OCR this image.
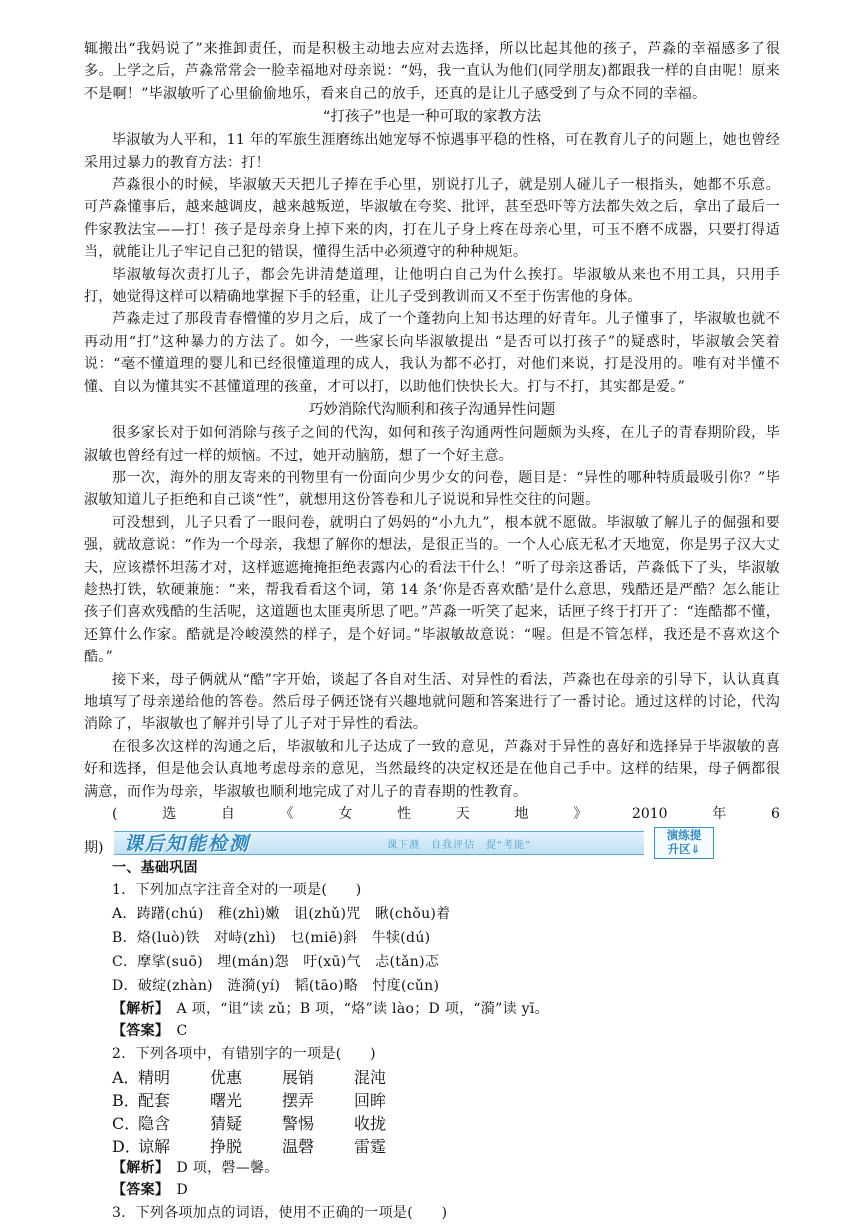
辄搬出“我妈说了”来推卸责任，而是积极主动地去应对去选择，所以比起其他的孩子，芦淼的幸福感多了很多。上学之后，芦淼常常会一脸幸福地对母亲说：“妈，我一直认为他们(同学朋友)都跟我一样的自由呢！原来不是啊！”毕淑敏听了心里偷偷地乐，看来自己的放手，还真的是让儿子感受到了与众不同的幸福。

“打孩子”也是一种可取的家教方法

毕淑敏为人平和，11 年的军旅生涯磨练出她宠辱不惊遇事平稳的性格，可在教育儿子的问题上，她也曾经采用过暴力的教育方法：打！

芦淼很小的时候，毕淑敏天天把儿子捧在手心里，别说打儿子，就是别人碰儿子一根指头，她都不乐意。可芦淼懂事后，越来越调皮，越来越叛逆，毕淑敏在夸奖、批评，甚至恐吓等方法都失效之后，拿出了最后一件家教法宝——打！孩子是母亲身上掉下来的肉，打在儿子身上疼在母亲心里，可玉不磨不成器，只要打得适当，就能让儿子牢记自己犯的错误，懂得生活中必须遵守的种种规矩。

毕淑敏每次责打儿子，都会先讲清楚道理，让他明白自己为什么挨打。毕淑敏从来也不用工具，只用手打，她觉得这样可以精确地掌握下手的轻重，让儿子受到教训而又不至于伤害他的身体。

芦淼走过了那段青春懵懂的岁月之后，成了一个蓬勃向上知书达理的好青年。儿子懂事了，毕淑敏也就不再动用“打”这种暴力的方法了。如今，一些家长向毕淑敏提出 “是否可以打孩子”的疑惑时，毕淑敏会笑着说：“毫不懂道理的婴儿和已经很懂道理的成人，我认为都不必打，对他们来说，打是没用的。唯有对半懂不懂、自以为懂其实不甚懂道理的孩童，才可以打，以助他们快快长大。打与不打，其实都是爱。”

巧妙消除代沟顺利和孩子沟通异性问题

很多家长对于如何消除与孩子之间的代沟，如何和孩子沟通两性问题颇为头疼，在儿子的青春期阶段，毕淑敏也曾经有过一样的烦恼。不过，她开动脑筋，想了一个好主意。

那一次，海外的朋友寄来的刊物里有一份面向少男少女的问卷，题目是：“异性的哪种特质最吸引你？”毕淑敏知道儿子拒绝和自己谈“性”，就想用这份答卷和儿子说说和异性交往的问题。

可没想到，儿子只看了一眼问卷，就明白了妈妈的“小九九”，根本就不愿做。毕淑敏了解儿子的倔强和要强，就故意说：“作为一个母亲，我想了解你的想法，是很正当的。一个人心底无私才天地宽，你是男子汉大丈夫，应该襟怀坦荡才对，这样遮遮掩掩拒绝表露内心的看法干什么！”听了母亲这番话，芦淼低下了头，毕淑敏趁热打铁，软硬兼施：“来，帮我看看这个词，第 14 条‘你是否喜欢酷’是什么意思，残酷还是严酷？怎么能让孩子们喜欢残酷的生活呢，这道题也太匪夷所思了吧。”芦淼一听笑了起来，话匣子终于打开了：“连酷都不懂，还算什么作家。酷就是冷峻漠然的样子，是个好词。”毕淑敏故意说：“喔。但是不管怎样，我还是不喜欢这个酷。”

接下来，母子俩就从“酷”字开始，谈起了各自对生活、对异性的看法，芦淼也在母亲的引导下，认认真真地填写了母亲递给他的答卷。然后母子俩还饶有兴趣地就问题和答案进行了一番讨论。通过这样的讨论，代沟消除了，毕淑敏也了解并引导了儿子对于异性的看法。

在很多次这样的沟通之后，毕淑敏和儿子达成了一致的意见，芦淼对于异性的喜好和选择异于毕淑敏的喜好和选择，但是他会认真地考虑母亲的意见，当然最终的决定权还是在他自己手中。这样的结果，母子俩都很满意，而作为母亲，毕淑敏也顺利地完成了对儿子的青春期的性教育。

(	选	自	《	女	性	天	地	》	2010	年	6
课后知能检测	课下测　自我评估　提“考能”
演练提
升区⇓
期)

一、基础巩固

1．下列加点字注音全对的一项是(　　)

A．踌躇(chú)　稚(zhì)嫩　诅(zhǔ)咒　瞅(chǒu)着

B．烙(luò)铁　对峙(zhì)　乜(miē)斜　牛犊(dú)

C．摩挲(suō)　埋(mán)怨　吁(xū)气　忐(tǎn)忑

D．破绽(zhàn)　涟漪(yí)　韬(tāo)略　忖度(cǔn)

【解析】　 A 项，“诅”读 zǔ；B 项，“烙”读 lào；D 项，“漪”读 yī。

【答案】　 C

2．下列各项中，有错别字的一项是(　　)

A．
精明	优惠	展销	混沌
B．
配套	曙光	摆弄	回眸
C．
隐含	猜疑	警惕	收拢
D．
谅解	挣脱	温磬	雷霆

【解析】　 D 项，磬—馨。

【答案】　 D

3．下列各项加点的词语，使用不正确的一项是(　　)
